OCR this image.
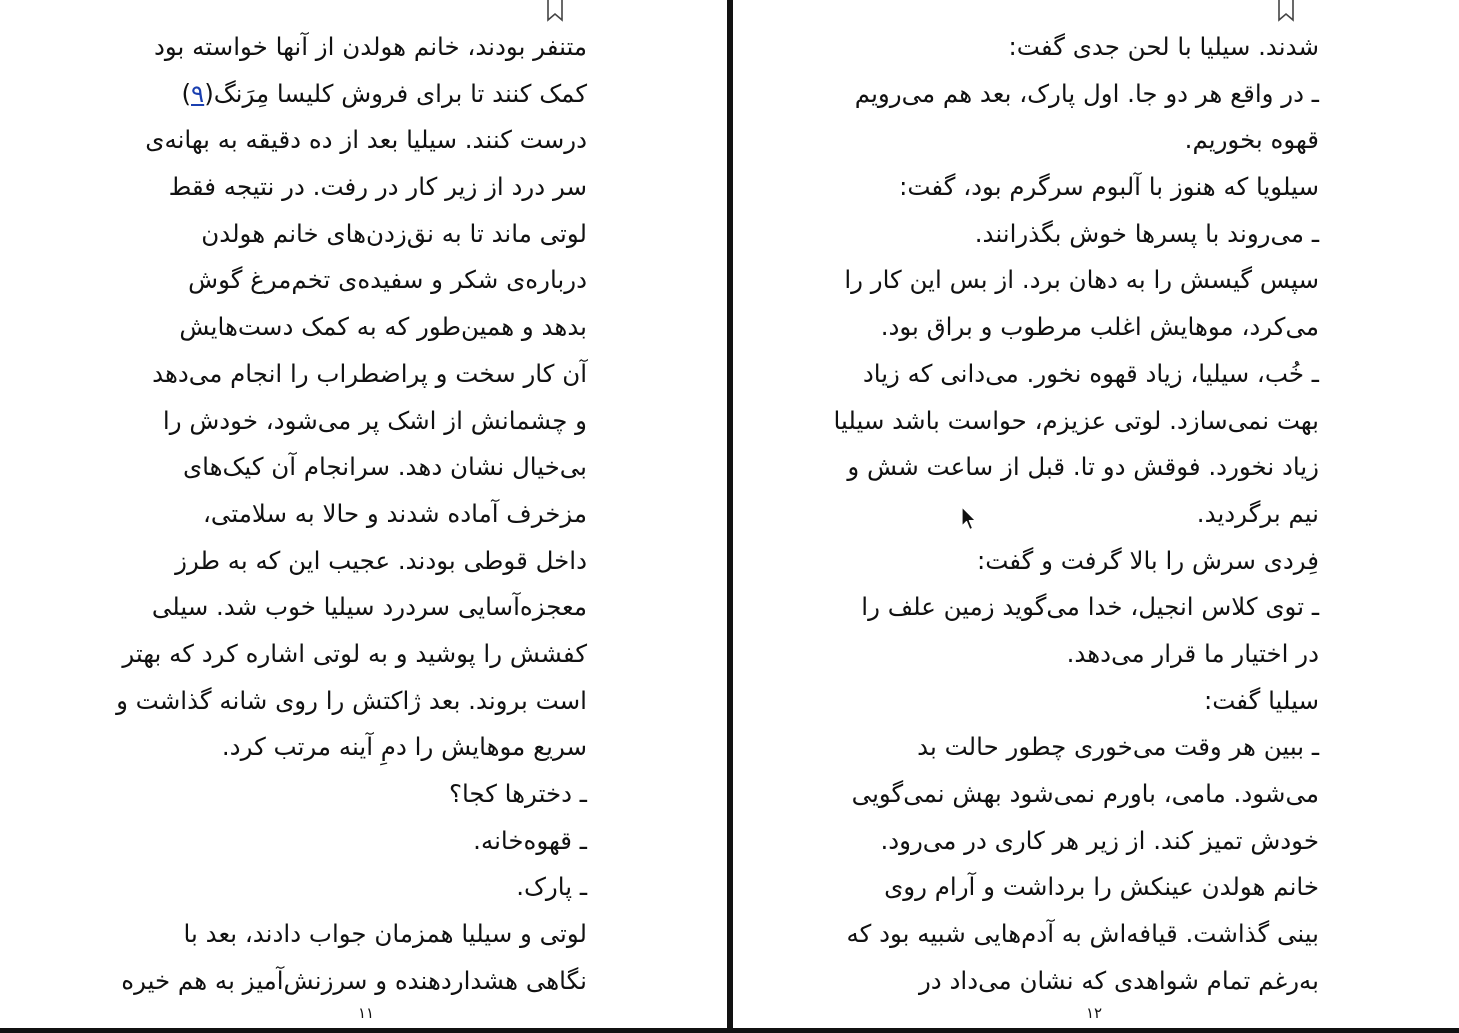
متنفر بودند، خانم هولدن از آنها خواسته بود
کمک کنند تا برای فروش کلیسا مِرَنگ(۹)
درست کنند. سیلیا بعد از ده دقیقه به بهانه‌ی
سر درد از زیر کار در رفت. در نتیجه فقط
لوتی ماند تا به نق‌زدن‌های خانم هولدن
درباره‌ی شکر و سفیده‌ی تخم‌مرغ گوش
بدهد و همین‌طور که به کمک دست‌هایش
آن کار سخت و پراضطراب را انجام می‌دهد
و چشمانش از اشک پر می‌شود، خودش را
بی‌خیال نشان دهد. سرانجام آن کیک‌های
مزخرف آماده شدند و حالا به سلامتی،
داخل قوطی بودند. عجیب این که به طرز
معجزه‌آسایی سردرد سیلیا خوب شد. سیلی
کفشش را پوشید و به لوتی اشاره کرد که بهتر
است بروند. بعد ژاکتش را روی شانه گذاشت و
سریع موهایش را دمِ آینه مرتب کرد.
ـ دخترها کجا؟
ـ قهوه‌خانه.
ـ پارک.
لوتی و سیلیا همزمان جواب دادند، بعد با
نگاهی هشداردهنده و سرزنش‌آمیز به هم خیره
۱۱
شدند. سیلیا با لحن جدی گفت:
ـ در واقع هر دو جا. اول پارک، بعد هم می‌رویم
قهوه بخوریم.
سیلویا که هنوز با آلبوم سرگرم بود، گفت:
ـ می‌روند با پسرها خوش بگذرانند.
سپس گیسش را به دهان برد. از بس این کار را
می‌کرد، موهایش اغلب مرطوب و براق بود.
ـ خُب، سیلیا، زیاد قهوه نخور. می‌دانی که زیاد
بهت نمی‌سازد. لوتی عزیزم، حواست باشد سیلیا
زیاد نخورد. فوقش دو تا. قبل از ساعت شش و
نیم برگردید.
فِردی سرش را بالا گرفت و گفت:
ـ توی کلاس انجیل، خدا می‌گوید زمین علف را
در اختیار ما قرار می‌دهد.
سیلیا گفت:
ـ ببین هر وقت می‌خوری چطور حالت بد
می‌شود. مامی، باورم نمی‌شود بهش نمی‌گویی
خودش تمیز کند. از زیر هر کاری در می‌رود.
خانم هولدن عینکش را برداشت و آرام روی
بینی گذاشت. قیافه‌اش به آدم‌هایی شبیه بود که
به‌رغم تمام شواهدی که نشان می‌داد در
۱۲
